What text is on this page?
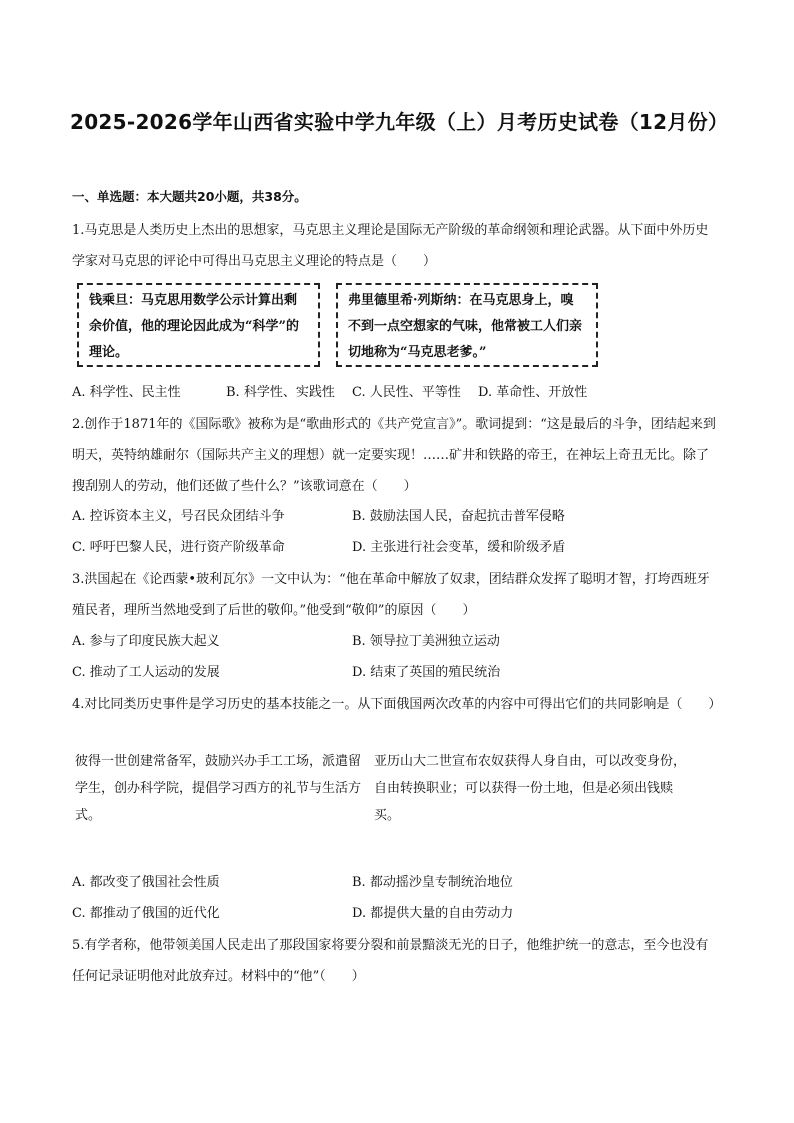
2025-2026学年山西省实验中学九年级（上）月考历史试卷（12月份）
一、单选题：本大题共20小题，共38分。
1.马克思是人类历史上杰出的思想家，马克思主义理论是国际无产阶级的革命纲领和理论武器。从下面中外历史学家对马克思的评论中可得出马克思主义理论的特点是（　　）
钱乘旦：马克思用数学公示计算出剩余价值，他的理论因此成为“科学”的理论。
弗里德里希·列斯纳：在马克思身上，嗅不到一点空想家的气味，他常被工人们亲切地称为“马克思老爹。”
A. 科学性、民主性	B. 科学性、实践性 C. 人民性、平等性 D. 革命性、开放性
2.创作于1871年的《国际歌》被称为是“歌曲形式的《共产党宣言》”。歌词提到：“这是最后的斗争，团结起来到明天，英特纳雄耐尔（国际共产主义的理想）就一定要实现！……矿井和铁路的帝王，在神坛上奇丑无比。除了搜刮别人的劳动，他们还做了些什么？”该歌词意在（　　）
A. 控诉资本主义，号召民众团结斗争	B. 鼓励法国人民，奋起抗击普军侵略
C. 呼吁巴黎人民，进行资产阶级革命	D. 主张进行社会变革，缓和阶级矛盾
3.洪国起在《论西蒙•玻利瓦尔》一文中认为：“他在革命中解放了奴隶，团结群众发挥了聪明才智，打垮西班牙殖民者，理所当然地受到了后世的敬仰。”他受到“敬仰”的原因（　　）
A. 参与了印度民族大起义	B. 领导拉丁美洲独立运动
C. 推动了工人运动的发展	D. 结束了英国的殖民统治
4.对比同类历史事件是学习历史的基本技能之一。从下面俄国两次改革的内容中可得出它们的共同影响是（　　）
彼得一世创建常备军，鼓励兴办手工工场，派遣留学生，创办科学院，提倡学习西方的礼节与生活方式。
亚历山大二世宣布农奴获得人身自由，可以改变身份，自由转换职业；可以获得一份土地，但是必须出钱赎买。
A. 都改变了俄国社会性质	B. 都动摇沙皇专制统治地位
C. 都推动了俄国的近代化	D. 都提供大量的自由劳动力
5.有学者称，他带领美国人民走出了那段国家将要分裂和前景黯淡无光的日子，他维护统一的意志，至今也没有任何记录证明他对此放弃过。材料中的“他”（　　）
